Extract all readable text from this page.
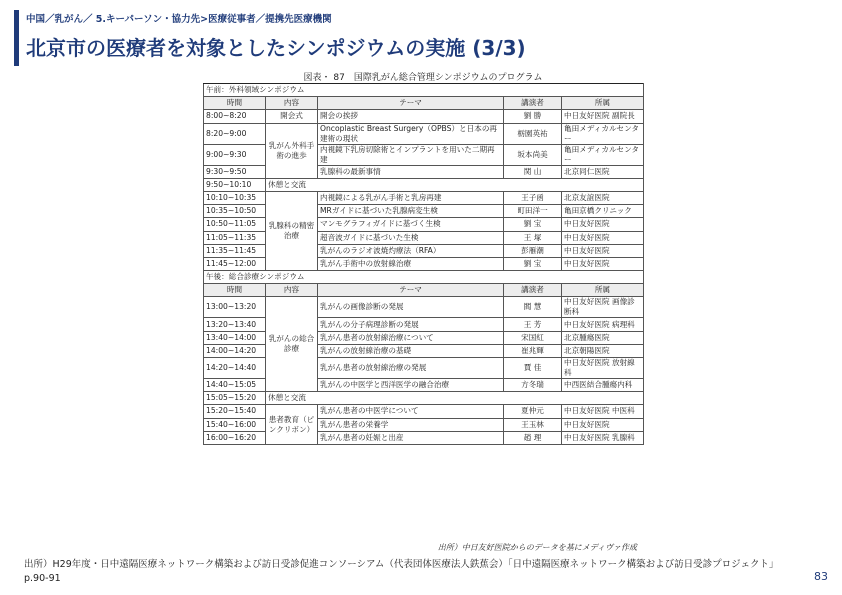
中国／乳がん／ 5.キーパーソン・協力先>医療従事者／提携先医療機関
北京市の医療者を対象としたシンポジウムの実施 (3/3)
図表・ 87　国際乳がん総合管理シンポジウムのプログラム
午前：外科領域シンポジウム				
時間	内容	テーマ	講演者	所属
8:00~8:20	開会式	開会の挨拶	劉 勝	中日友好医院 副院長
8:20~9:00	乳がん外科手術の進歩	Oncoplastic Breast Surgery（OPBS）と日本の再建術の現状	栃園英祐	亀田メディカルセンター
9:00~9:30		内視鏡下乳房切除術とインプラントを用いた二期再建	坂本尚美	亀田メディカルセンター
9:30~9:50		乳腺科の最新事情	関 山	北京同仁医院
9:50~10:10	休憩と交流			
10:10~10:35	乳腺科の精密治療	内視鏡による乳がん手術と乳房再建	王子函	北京友誼医院
10:35~10:50		MRガイドに基づいた乳腺病変生検	町田洋一	亀田京橋クリニック
10:50~11:05		マンモグラフィガイドに基づく生検	劉 宝	中日友好医院
11:05~11:35		超音波ガイドに基づいた生検	王 塚	中日友好医院
11:35~11:45		乳がんのラジオ波焼灼療法（RFA）	彭雁潮	中日友好医院
11:45~12:00		乳がん手術中の放射線治療	劉 宝	中日友好医院
午後：総合診療シンポジウム				
時間	内容	テーマ	講演者	所属
13:00~13:20	乳がんの総合診療	乳がんの画像診断の発展	閻 慧	中日友好医院 画像診断科
13:20~13:40		乳がんの分子病理診断の発展	王 芳	中日友好医院 病理科
13:40~14:00		乳がん患者の放射線治療について	宋国紅	北京腫瘍医院
14:00~14:20		乳がんの放射線治療の基礎	崔兆輝	北京朝陽医院
14:20~14:40		乳がん患者の放射線治療の発展	賈 佳	中日友好医院 放射線科
14:40~15:05		乳がんの中医学と西洋医学の融合治療	方冬瑞	中西医結合腫瘍内科
15:05~15:20	休憩と交流			
15:20~15:40	患者教育（ピンクリボン）	乳がん患者の中医学について	夏仲元	中日友好医院 中医科
15:40~16:00		乳がん患者の栄養学	王玉林	中日友好医院
16:00~16:20		乳がん患者の妊娠と出産	趙 理	中日友好医院 乳腺科
出所）中日友好医院からのデータを基にメディヴァ作成
出所）H29年度・日中遠隔医療ネットワーク構築および訪日受診促進コンソーシアム（代表団体医療法人鉄蕉会）「日中遠隔医療ネットワーク構築および訪日受診プロジェクト」p.90-91	83
